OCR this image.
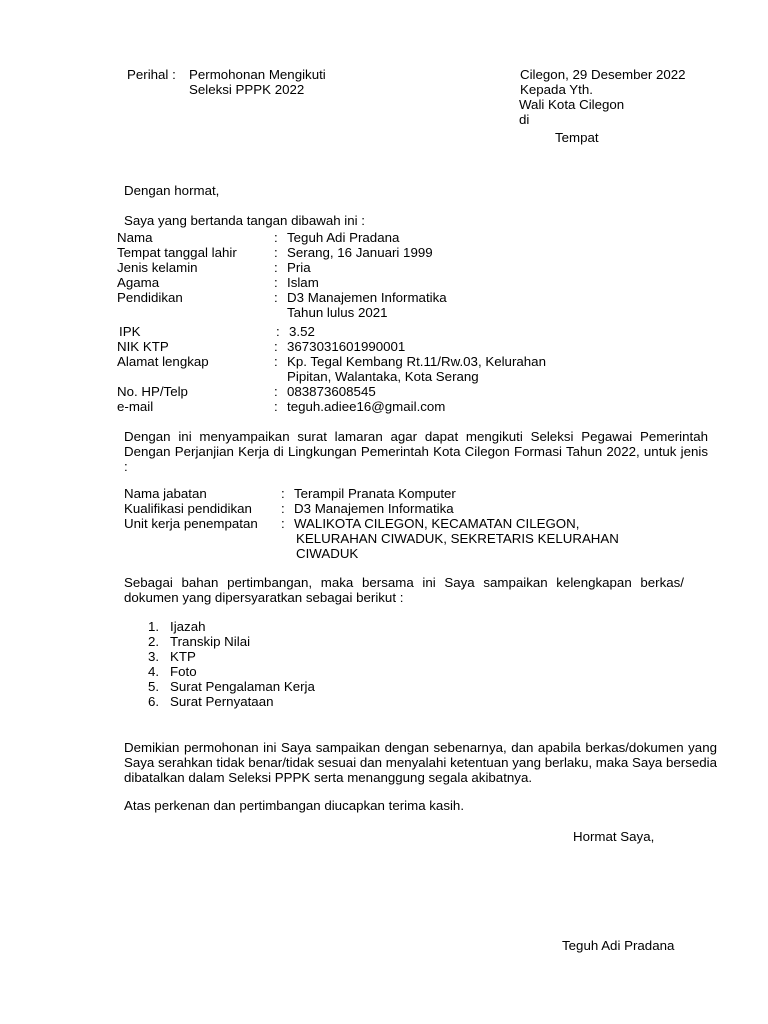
Perihal : Permohonan Mengikuti
Seleksi PPPK 2022
Cilegon, 29 Desember 2022
Kepada Yth.
Wali Kota Cilegon
di
Tempat
Dengan hormat,
Saya yang bertanda tangan dibawah ini :
Nama	: Teguh Adi Pradana
Tempat tanggal lahir	: Serang, 16 Januari 1999
Jenis kelamin	: Pria
Agama	: Islam
Pendidikan	: D3 Manajemen Informatika
Tahun lulus 2021
IPK	: 3.52
NIK KTP	: 3673031601990001
Alamat lengkap	: Kp. Tegal Kembang Rt.11/Rw.03, Kelurahan
Pipitan, Walantaka, Kota Serang
No. HP/Telp	: 083873608545
e-mail	: teguh.adiee16@gmail.com
Dengan ini menyampaikan surat lamaran agar dapat mengikuti Seleksi Pegawai Pemerintah Dengan Perjanjian Kerja di Lingkungan Pemerintah Kota Cilegon Formasi Tahun 2022, untuk jenis :
Nama jabatan	: Terampil Pranata Komputer
Kualifikasi pendidikan	: D3 Manajemen Informatika
Unit kerja penempatan	: WALIKOTA CILEGON, KECAMATAN CILEGON,
KELURAHAN CIWADUK, SEKRETARIS KELURAHAN
CIWADUK
Sebagai bahan pertimbangan, maka bersama ini Saya sampaikan kelengkapan berkas/ dokumen yang dipersyaratkan sebagai berikut :
1. Ijazah
2. Transkip Nilai
3. KTP
4. Foto
5. Surat Pengalaman Kerja
6. Surat Pernyataan
Demikian permohonan ini Saya sampaikan dengan sebenarnya, dan apabila berkas/dokumen yang Saya serahkan tidak benar/tidak sesuai dan menyalahi ketentuan yang berlaku, maka Saya bersedia dibatalkan dalam Seleksi PPPK serta menanggung segala akibatnya.
Atas perkenan dan pertimbangan diucapkan terima kasih.
Hormat Saya,
Teguh Adi Pradana
